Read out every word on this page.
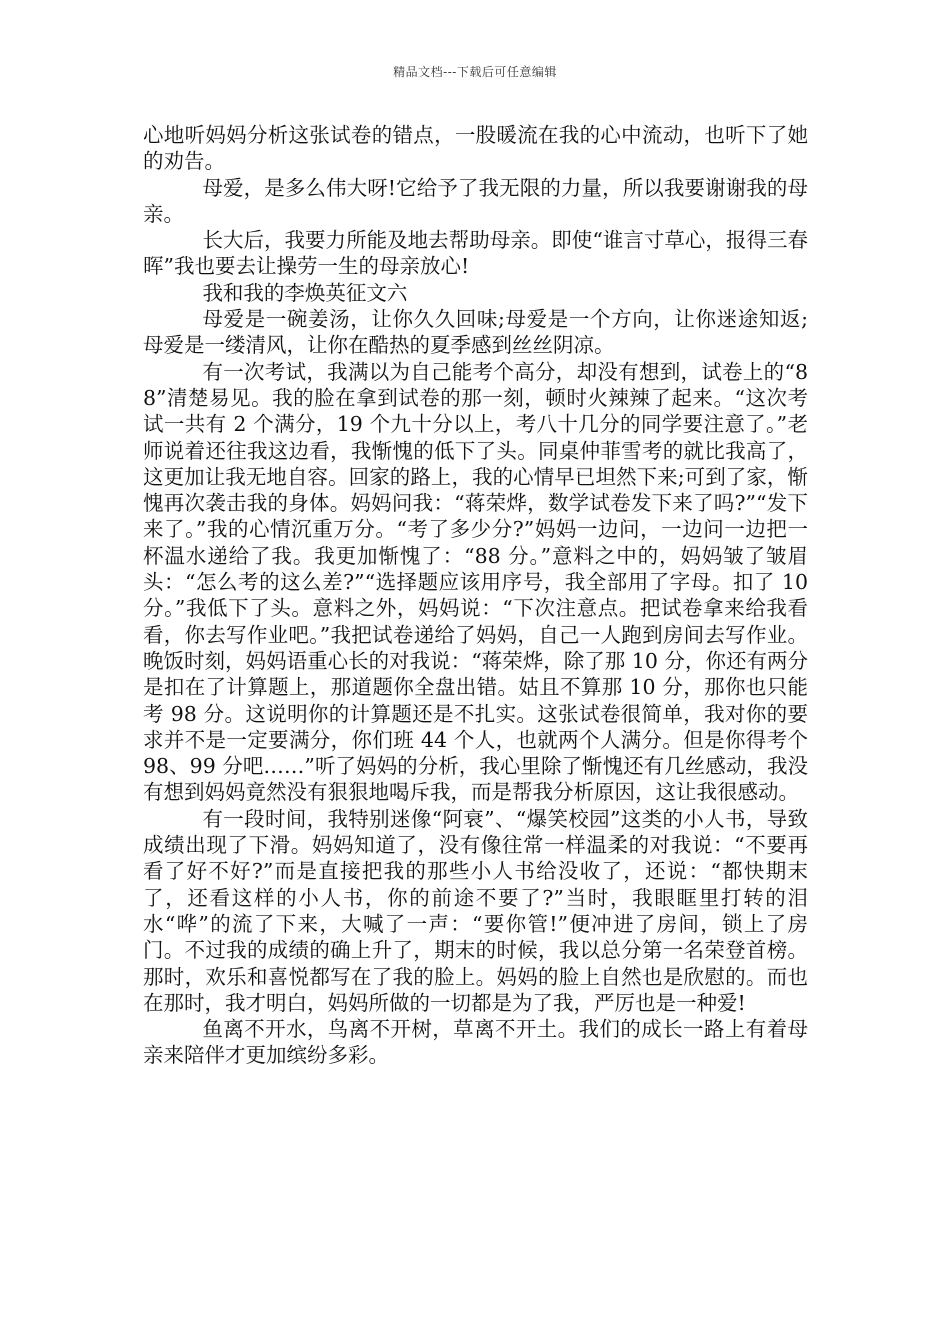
精品文档---下载后可任意编辑

心地听妈妈分析这张试卷的错点，一股暖流在我的心中流动，也听下了她的劝告。

母爱，是多么伟大呀!它给予了我无限的力量，所以我要谢谢我的母亲。

长大后，我要力所能及地去帮助母亲。即使“谁言寸草心，报得三春晖”我也要去让操劳一生的母亲放心!

我和我的李焕英征文六

母爱是一碗姜汤，让你久久回味;母爱是一个方向，让你迷途知返;母爱是一缕清风，让你在酷热的夏季感到丝丝阴凉。

有一次考试，我满以为自己能考个高分，却没有想到，试卷上的“88”清楚易见。我的脸在拿到试卷的那一刻，顿时火辣辣了起来。“这次考试一共有 2 个满分，19 个九十分以上，考八十几分的同学要注意了。”老师说着还往我这边看，我惭愧的低下了头。同桌仲菲雪考的就比我高了，这更加让我无地自容。回家的路上，我的心情早已坦然下来;可到了家，惭愧再次袭击我的身体。妈妈问我：“蒋荣烨，数学试卷发下来了吗?”“发下来了。”我的心情沉重万分。“考了多少分?”妈妈一边问，一边问一边把一杯温水递给了我。我更加惭愧了：“88 分。”意料之中的，妈妈皱了皱眉头：“怎么考的这么差?”“选择题应该用序号，我全部用了字母。扣了 10分。”我低下了头。意料之外，妈妈说：“下次注意点。把试卷拿来给我看看，你去写作业吧。”我把试卷递给了妈妈，自己一人跑到房间去写作业。晚饭时刻，妈妈语重心长的对我说：“蒋荣烨，除了那 10 分，你还有两分是扣在了计算题上，那道题你全盘出错。姑且不算那 10 分，那你也只能考 98 分。这说明你的计算题还是不扎实。这张试卷很简单，我对你的要求并不是一定要满分，你们班 44 个人，也就两个人满分。但是你得考个 98、99 分吧……”听了妈妈的分析，我心里除了惭愧还有几丝感动，我没有想到妈妈竟然没有狠狠地喝斥我，而是帮我分析原因，这让我很感动。

有一段时间，我特别迷像“阿衰”、“爆笑校园”这类的小人书，导致成绩出现了下滑。妈妈知道了，没有像往常一样温柔的对我说：“不要再看了好不好?”而是直接把我的那些小人书给没收了，还说：“都快期末了，还看这样的小人书，你的前途不要了?”当时，我眼眶里打转的泪水“哗”的流了下来，大喊了一声：“要你管!”便冲进了房间，锁上了房门。不过我的成绩的确上升了，期末的时候，我以总分第一名荣登首榜。那时，欢乐和喜悦都写在了我的脸上。妈妈的脸上自然也是欣慰的。而也在那时，我才明白，妈妈所做的一切都是为了我，严厉也是一种爱!

鱼离不开水，鸟离不开树，草离不开土。我们的成长一路上有着母亲来陪伴才更加缤纷多彩。
